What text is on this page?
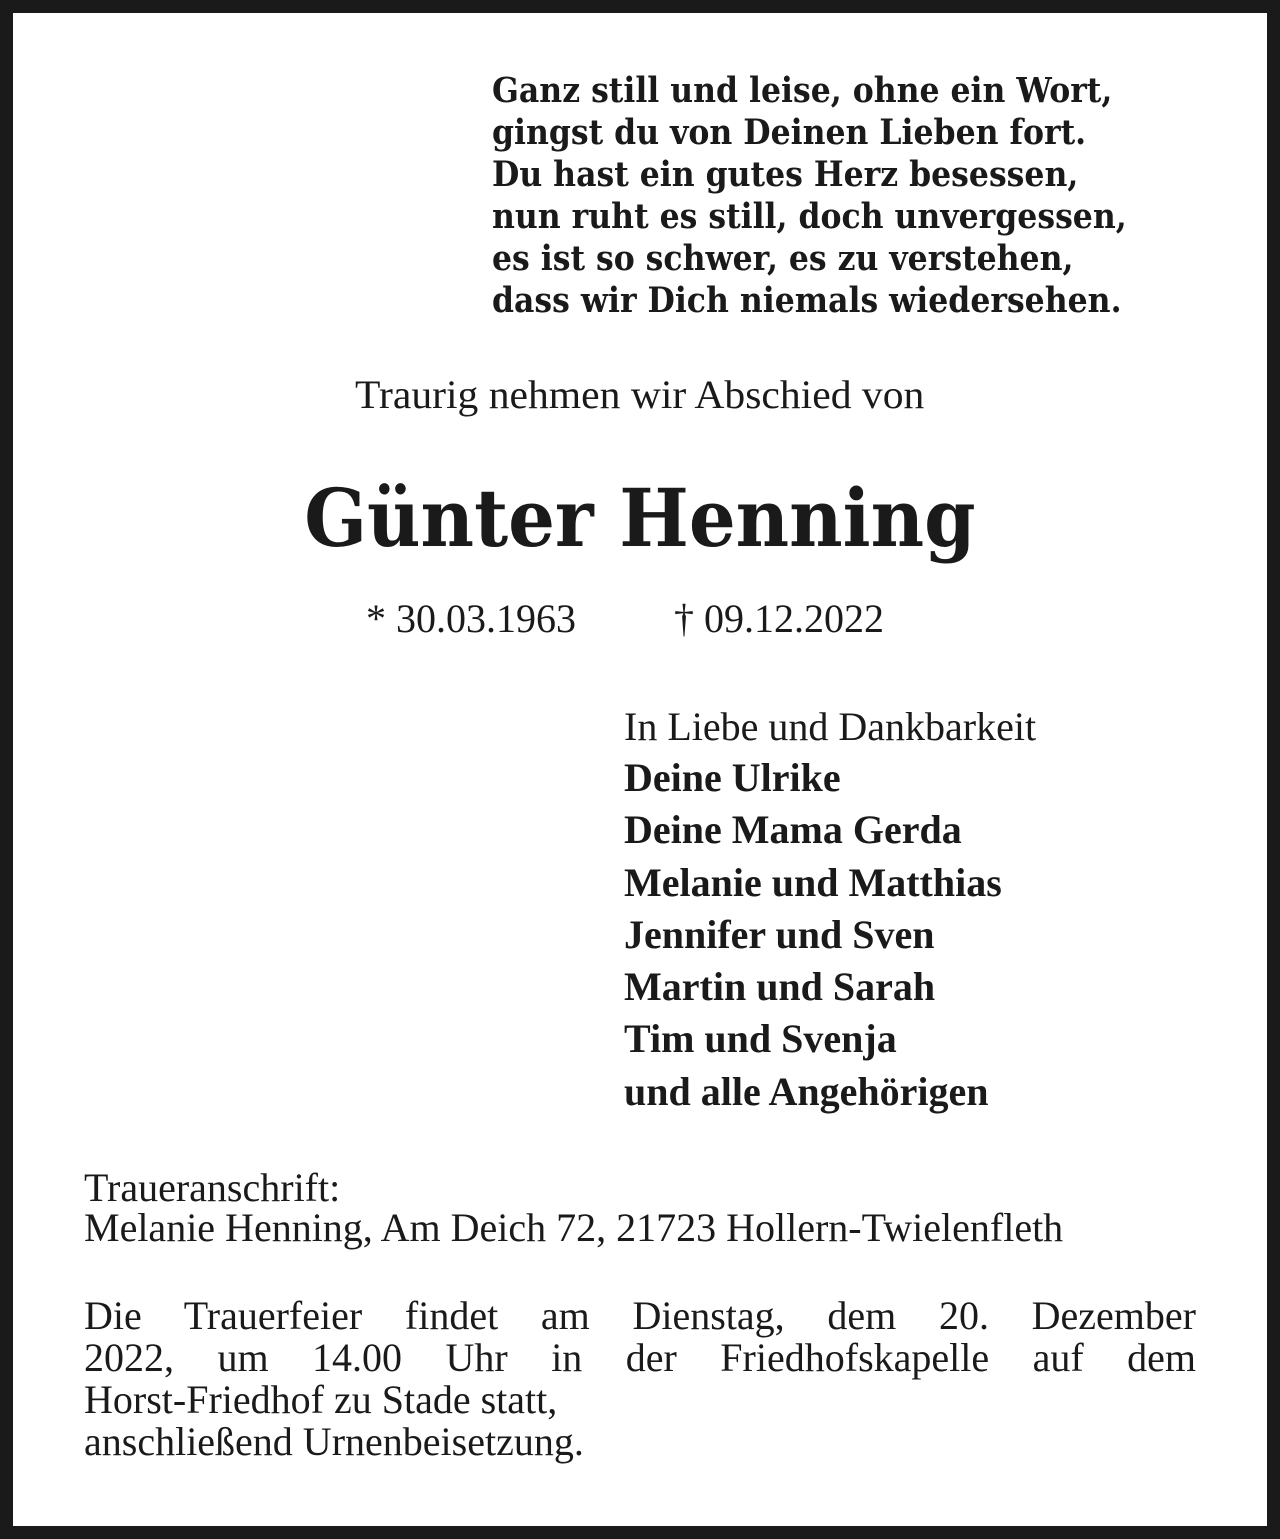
Ganz still und leise, ohne ein Wort,
gingst du von Deinen Lieben fort.
Du hast ein gutes Herz besessen,
nun ruht es still, doch unvergessen,
es ist so schwer, es zu verstehen,
dass wir Dich niemals wiedersehen.
Traurig nehmen wir Abschied von
Günter Henning
* 30.03.1963 † 09.12.2022
In Liebe und Dankbarkeit
Deine Ulrike
Deine Mama Gerda
Melanie und Matthias
Jennifer und Sven
Martin und Sarah
Tim und Svenja
und alle Angehörigen
Traueranschrift:
Melanie Henning, Am Deich 72, 21723 Hollern-Twielenfleth
Die Trauerfeier findet am Dienstag, dem 20. Dezember
2022, um 14.00 Uhr in der Friedhofskapelle auf dem
Horst-Friedhof zu Stade statt,
anschließend Urnenbeisetzung.
